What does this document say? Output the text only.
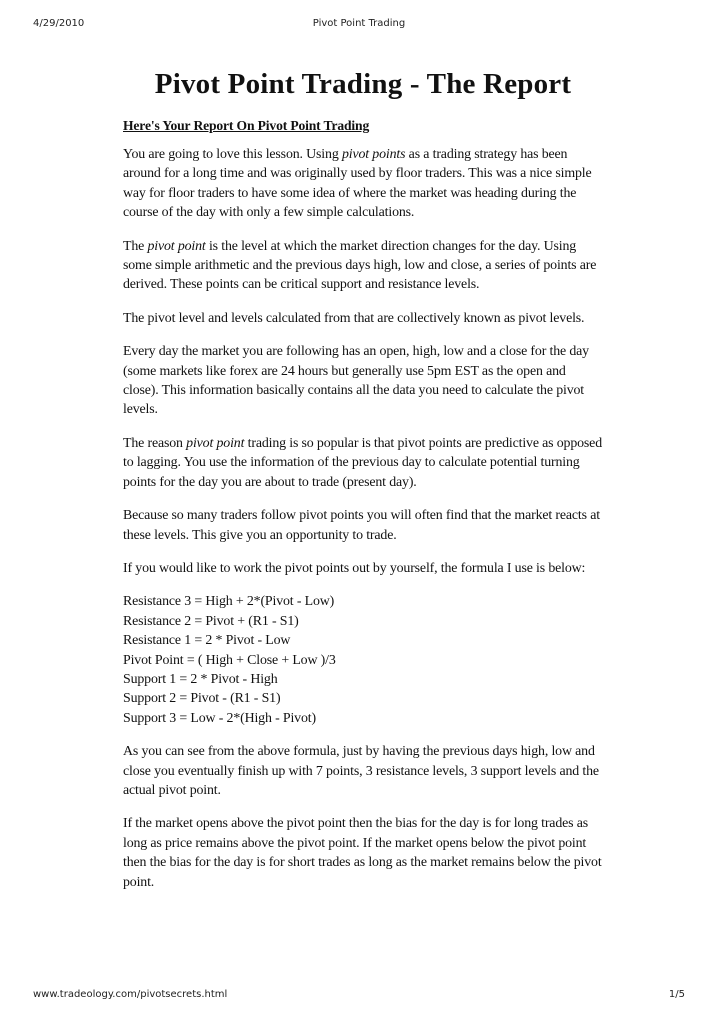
4/29/2010	Pivot Point Trading
Pivot Point Trading - The Report
Here's Your Report On Pivot Point Trading

You are going to love this lesson. Using pivot points as a trading strategy has been around for a long time and was originally used by floor traders. This was a nice simple way for floor traders to have some idea of where the market was heading during the course of the day with only a few simple calculations.

The pivot point is the level at which the market direction changes for the day. Using some simple arithmetic and the previous days high, low and close, a series of points are derived. These points can be critical support and resistance levels.

The pivot level and levels calculated from that are collectively known as pivot levels.

Every day the market you are following has an open, high, low and a close for the day (some markets like forex are 24 hours but generally use 5pm EST as the open and close). This information basically contains all the data you need to calculate the pivot levels.

The reason pivot point trading is so popular is that pivot points are predictive as opposed to lagging. You use the information of the previous day to calculate potential turning points for the day you are about to trade (present day).

Because so many traders follow pivot points you will often find that the market reacts at these levels. This give you an opportunity to trade.

If you would like to work the pivot points out by yourself, the formula I use is below:

Resistance 3 = High + 2*(Pivot - Low)
Resistance 2 = Pivot + (R1 - S1)
Resistance 1 = 2 * Pivot - Low
Pivot Point = ( High + Close + Low )/3
Support 1 = 2 * Pivot - High
Support 2 = Pivot - (R1 - S1)
Support 3 = Low - 2*(High - Pivot)

As you can see from the above formula, just by having the previous days high, low and close you eventually finish up with 7 points, 3 resistance levels, 3 support levels and the actual pivot point.

If the market opens above the pivot point then the bias for the day is for long trades as long as price remains above the pivot point. If the market opens below the pivot point then the bias for the day is for short trades as long as the market remains below the pivot point.

www.tradeology.com/pivotsecrets.html	1/5
